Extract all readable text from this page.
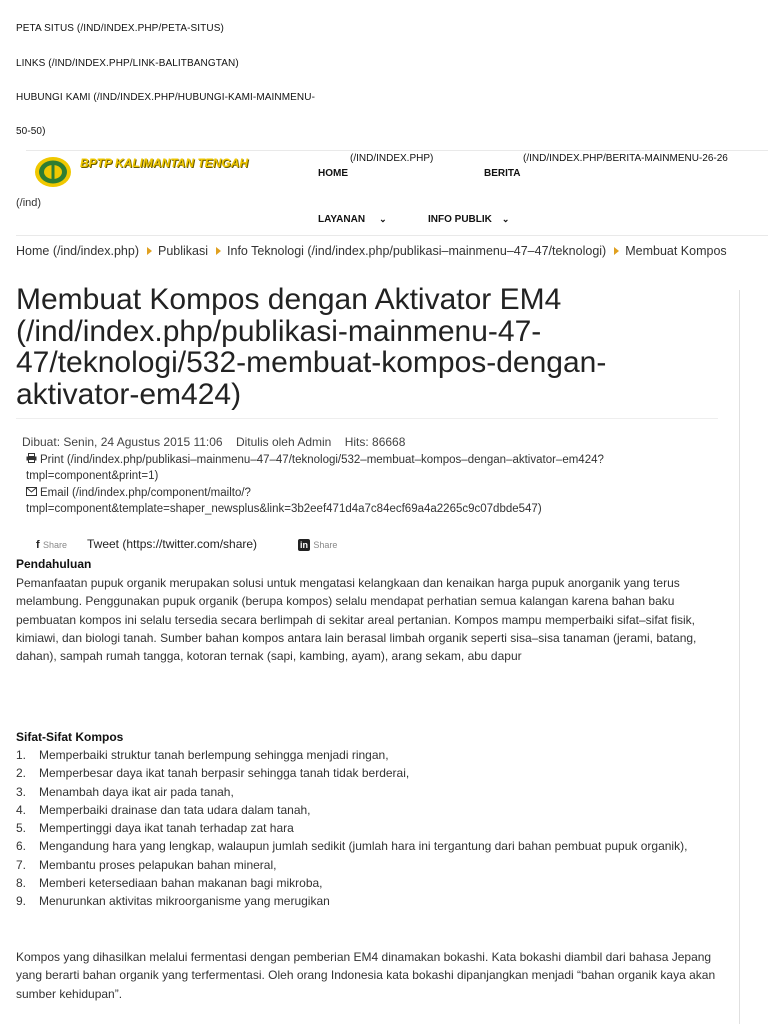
PETA SITUS (/IND/INDEX.PHP/PETA-SITUS)
LINKS (/IND/INDEX.PHP/LINK-BALITBANGTAN)
HUBUNGI KAMI (/IND/INDEX.PHP/HUBUNGI-KAMI-MAINMENU-
50-50)
BPTP KALIMANTAN TENGAH
(/ind)
(/IND/INDEX.PHP)
HOME
(/IND/INDEX.PHP/BERITA-MAINMENU-26-26
BERITA
LAYANAN ⌄	INFO PUBLIK ⌄
Home (/ind/index.php) Publikasi Info Teknologi (/ind/index.php/publikasi–mainmenu–47–47/teknologi) Membuat Kompos
Membuat Kompos dengan Aktivator EM4 (/ind/index.php/publikasi-mainmenu-47-47/teknologi/532-membuat-kompos-dengan-aktivator-em424)
Dibuat: Senin, 24 Agustus 2015 11:06 Ditulis oleh Admin Hits: 86668
Print (/ind/index.php/publikasi–mainmenu–47–47/teknologi/532–membuat–kompos–dengan–aktivator–em424?tmpl=component&print=1)
Email (/ind/index.php/component/mailto/?tmpl=component&template=shaper_newsplus&link=3b2eef471d4a7c84ecf69a4a2265c9c07dbde547)
f Share Tweet (https://twitter.com/share)	in Share
Pendahuluan

Pemanfaatan pupuk organik merupakan solusi untuk mengatasi kelangkaan dan kenaikan harga pupuk anorganik yang terus melambung. Penggunakan pupuk organik (berupa kompos) selalu mendapat perhatian semua kalangan karena bahan baku pembuatan kompos ini selalu tersedia secara berlimpah di sekitar areal pertanian. Kompos mampu memperbaiki sifat–sifat fisik, kimiawi, dan biologi tanah. Sumber bahan kompos antara lain berasal limbah organik seperti sisa–sisa tanaman (jerami, batang, dahan), sampah rumah tangga, kotoran ternak (sapi, kambing, ayam), arang sekam, abu dapur

Sifat-Sifat Kompos
1. Memperbaiki struktur tanah berlempung sehingga menjadi ringan,
2. Memperbesar daya ikat tanah berpasir sehingga tanah tidak berderai,
3. Menambah daya ikat air pada tanah,
4. Memperbaiki drainase dan tata udara dalam tanah,
5. Mempertinggi daya ikat tanah terhadap zat hara
6. Mengandung hara yang lengkap, walaupun jumlah sedikit (jumlah hara ini tergantung dari bahan pembuat pupuk organik),
7. Membantu proses pelapukan bahan mineral,
8. Memberi ketersediaan bahan makanan bagi mikroba,
9. Menurunkan aktivitas mikroorganisme yang merugikan

Kompos yang dihasilkan melalui fermentasi dengan pemberian EM4 dinamakan bokashi. Kata bokashi diambil dari bahasa Jepang yang berarti bahan organik yang terfermentasi. Oleh orang Indonesia kata bokashi dipanjangkan menjadi “bahan organik kaya akan sumber kehidupan”.
